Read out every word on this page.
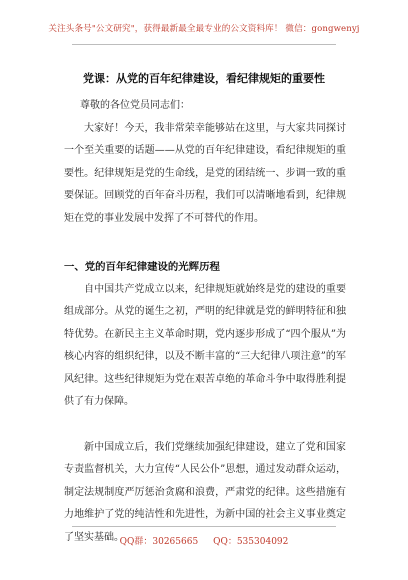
关注头条号"公文研究"，获得最新最全最专业的公文资料库！ 微信：gongwenyj
党课：从党的百年纪律建设，看纪律规矩的重要性
尊敬的各位党员同志们：
大家好！今天，我非常荣幸能够站在这里，与大家共同探讨一个至关重要的话题——从党的百年纪律建设，看纪律规矩的重要性。纪律规矩是党的生命线，是党的团结统一、步调一致的重要保证。回顾党的百年奋斗历程，我们可以清晰地看到，纪律规矩在党的事业发展中发挥了不可替代的作用。
一、党的百年纪律建设的光辉历程
自中国共产党成立以来，纪律规矩就始终是党的建设的重要组成部分。从党的诞生之初，严明的纪律就是党的鲜明特征和独特优势。在新民主主义革命时期，党内逐步形成了“四个服从”为核心内容的组织纪律，以及不断丰富的“三大纪律八项注意”的军风纪律。这些纪律规矩为党在艰苦卓绝的革命斗争中取得胜利提供了有力保障。
新中国成立后，我们党继续加强纪律建设，建立了党和国家专责监督机关，大力宣传“人民公仆”思想，通过发动群众运动，制定法规制度严厉惩治贪腐和浪费，严肃党的纪律。这些措施有力地维护了党的纯洁性和先进性，为新中国的社会主义事业奠定了坚实基础。
QQ群：30265665 QQ：535304092
